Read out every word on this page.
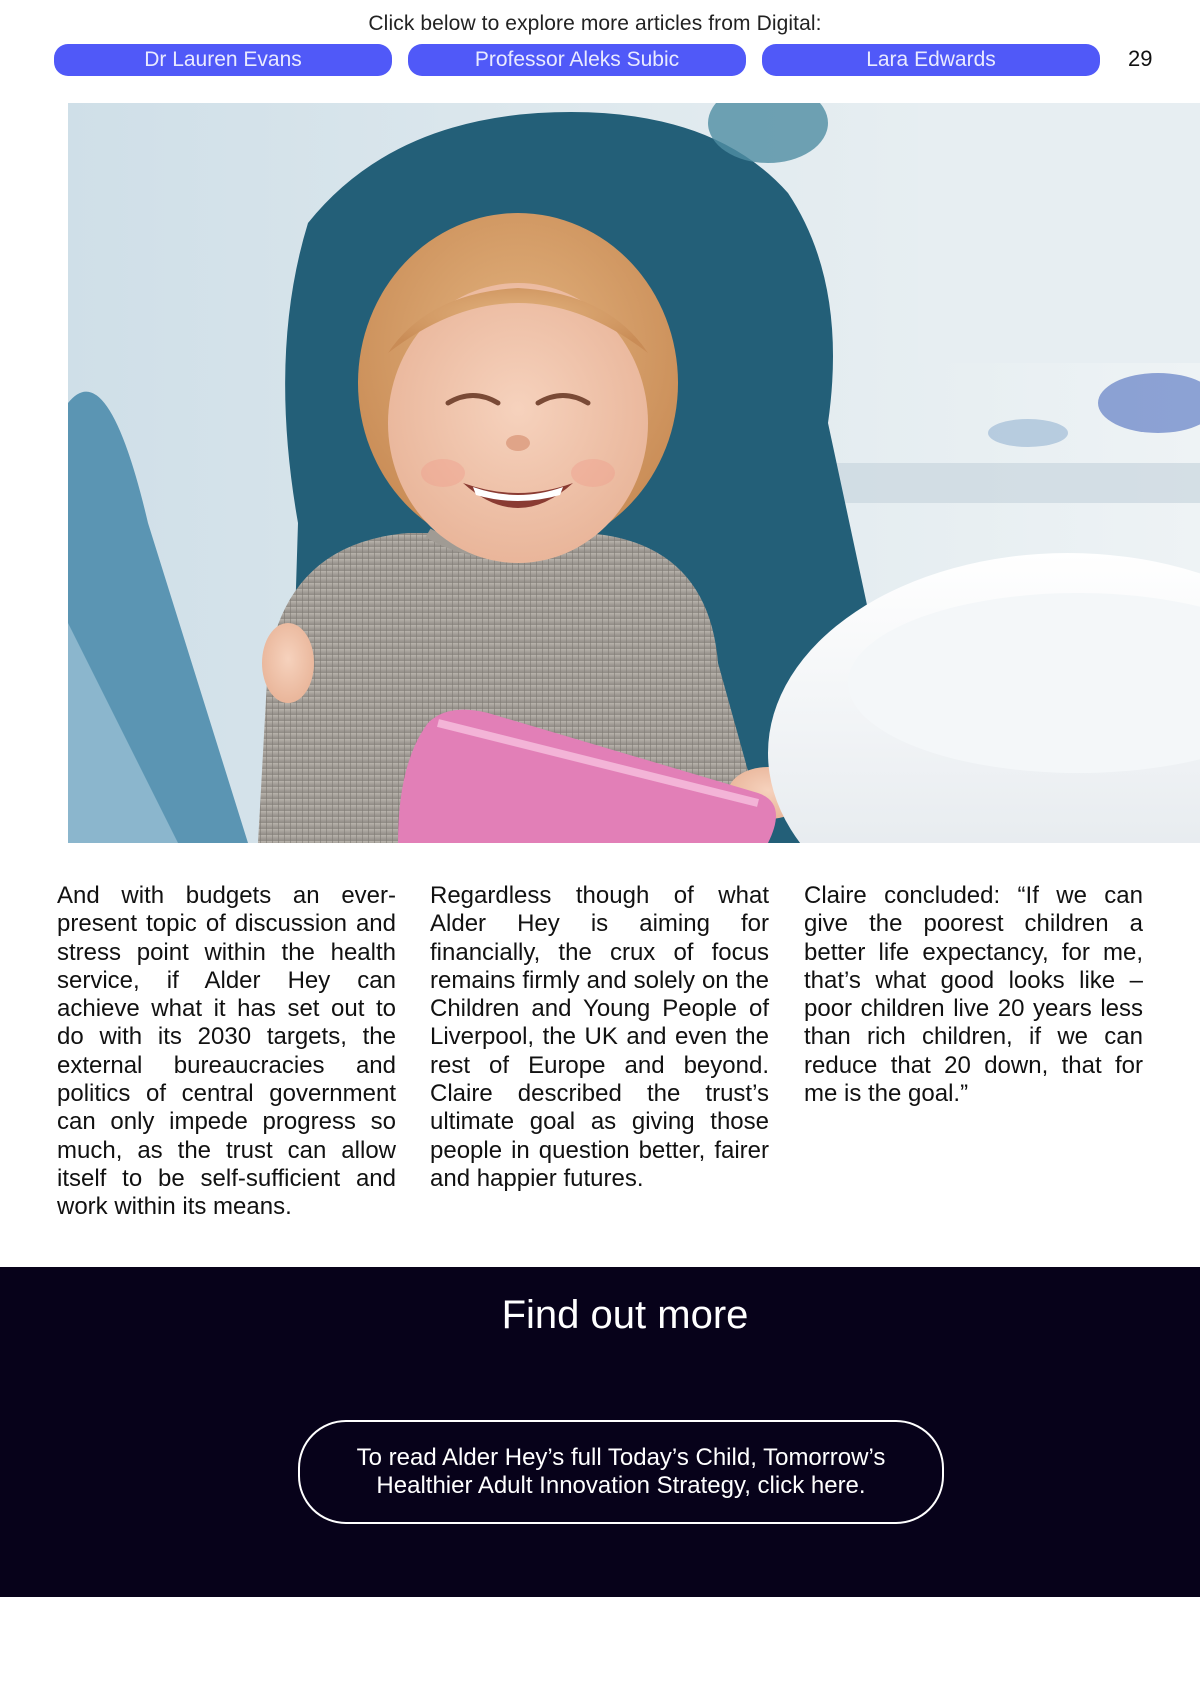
Click below to explore more articles from Digital:
Dr Lauren Evans	Professor Aleks Subic	Lara Edwards	29

And with budgets an ever-present topic of discussion and stress point within the health service, if Alder Hey can achieve what it has set out to do with its 2030 targets, the external bureaucracies and politics of central government can only impede progress so much, as the trust can allow itself to be self-sufficient and work within its means.

Regardless though of what Alder Hey is aiming for financially, the crux of focus remains firmly and solely on the Children and Young People of Liverpool, the UK and even the rest of Europe and beyond. Claire described the trust’s ultimate goal as giving those people in question better, fairer and happier futures.

Claire concluded: “If we can give the poorest children a better life expectancy, for me, that’s what good looks like – poor children live 20 years less than rich children, if we can reduce that 20 down, that for me is the goal.”

Find out more
To read Alder Hey’s full Today’s Child, Tomorrow’s Healthier Adult Innovation Strategy, click here.
